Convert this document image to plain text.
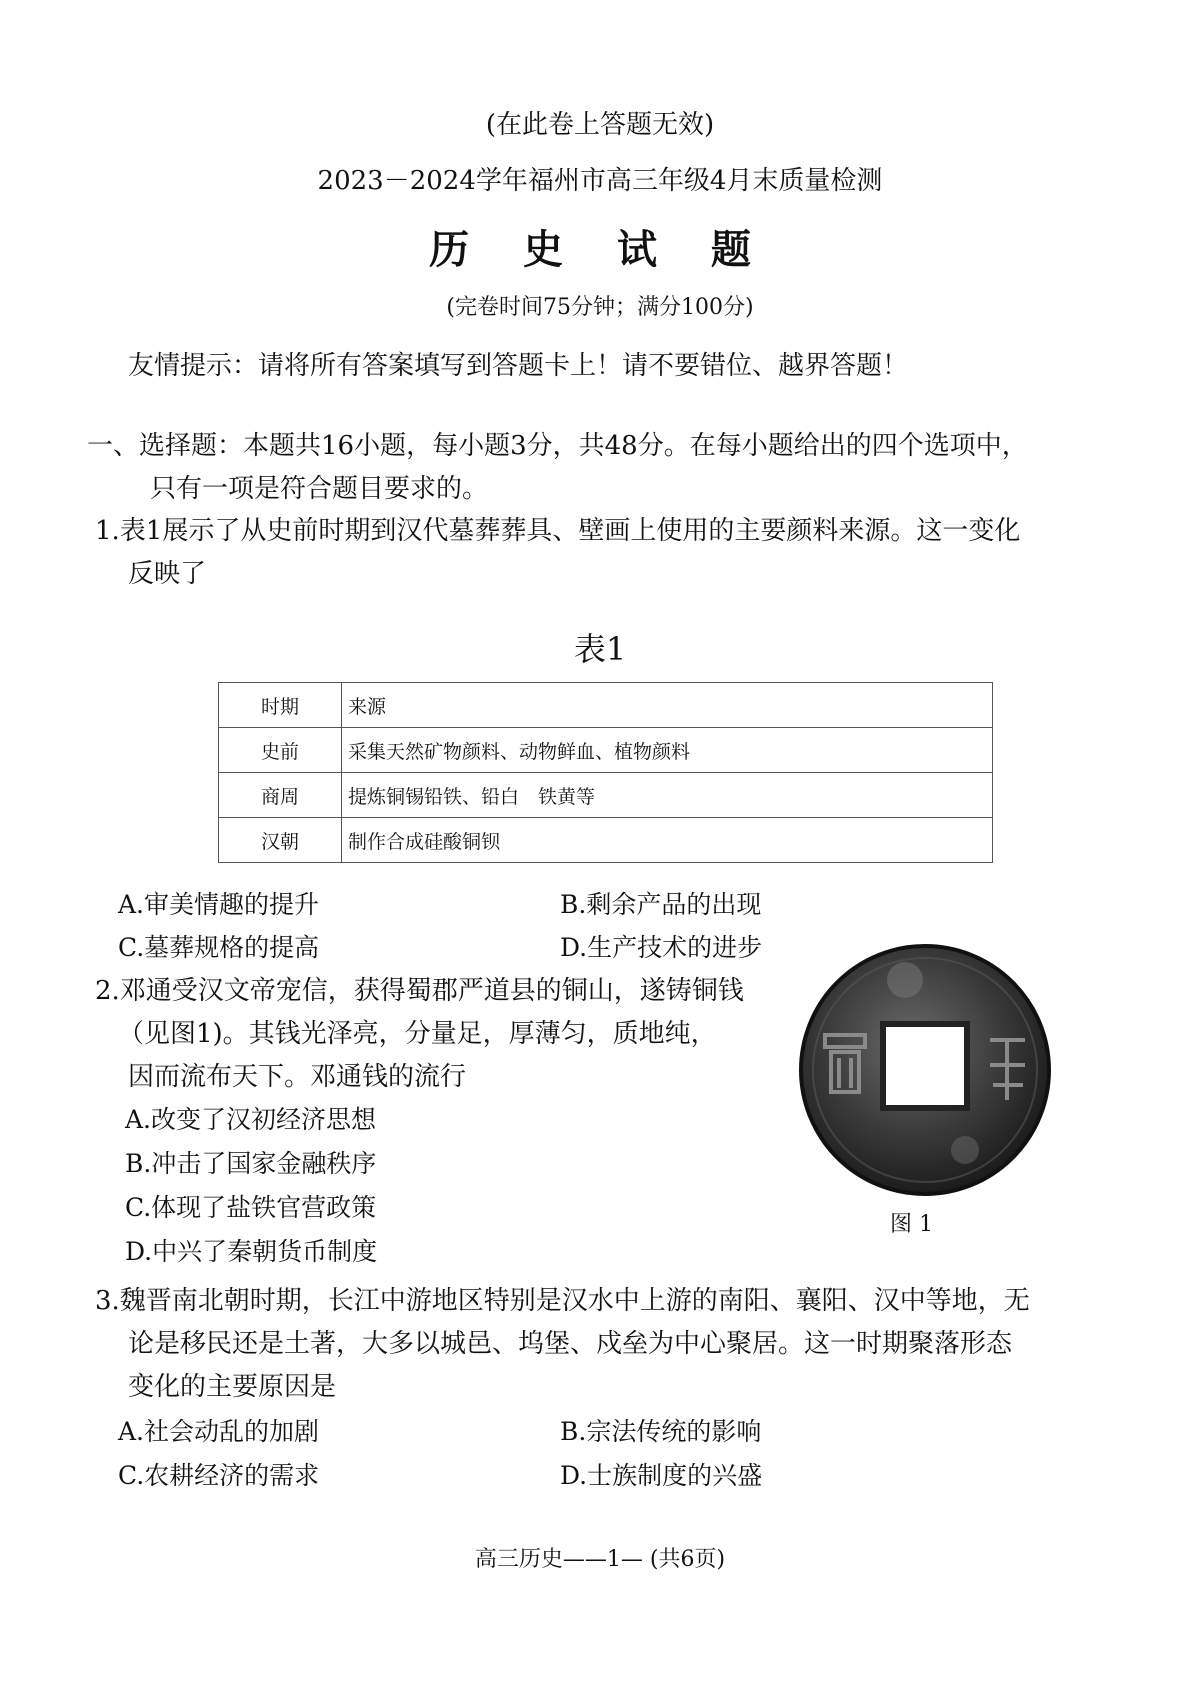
(在此卷上答题无效)
2023－2024学年福州市高三年级4月末质量检测
历 史 试 题
(完卷时间75分钟；满分100分)
友情提示：请将所有答案填写到答题卡上！请不要错位、越界答题！
一、选择题：本题共16小题，每小题3分，共48分。在每小题给出的四个选项中，
只有一项是符合题目要求的。
1.表1展示了从史前时期到汉代墓葬葬具、壁画上使用的主要颜料来源。这一变化
反映了
表1
时期	来源
史前	采集天然矿物颜料、动物鲜血、植物颜料
商周	提炼铜锡铅铁、铅白　铁黄等
汉朝	制作合成硅酸铜钡
A.审美情趣的提升	B.剩余产品的出现
C.墓葬规格的提高	D.生产技术的进步
2.邓通受汉文帝宠信，获得蜀郡严道县的铜山，遂铸铜钱
（见图1)。其钱光泽亮，分量足，厚薄匀，质地纯，
因而流布天下。邓通钱的流行
A.改变了汉初经济思想
B.冲击了国家金融秩序
C.体现了盐铁官营政策
D.中兴了秦朝货币制度
图 1
3.魏晋南北朝时期，长江中游地区特别是汉水中上游的南阳、襄阳、汉中等地，无
论是移民还是土著，大多以城邑、坞堡、戍垒为中心聚居。这一时期聚落形态
变化的主要原因是
A.社会动乱的加剧	B.宗法传统的影响
C.农耕经济的需求	D.士族制度的兴盛
高三历史——1— (共6页)
